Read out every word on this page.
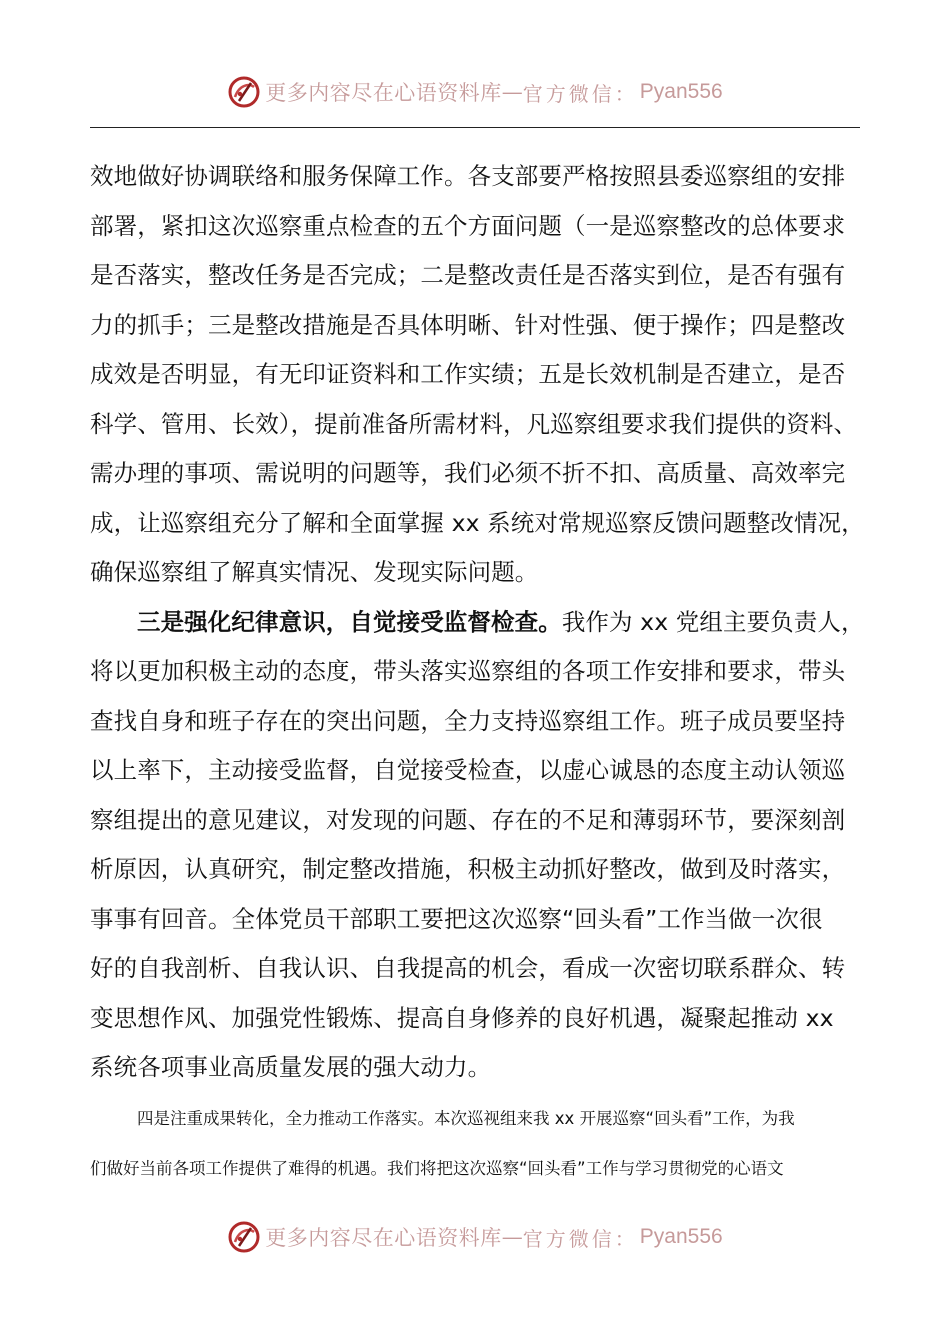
更多内容尽在心语资料库 — 官方微信： Pyan556
效地做好协调联络和服务保障工作。各支部要严格按照县委巡察组的安排
部署，紧扣这次巡察重点检查的五个方面问题（一是巡察整改的总体要求
是否落实，整改任务是否完成；二是整改责任是否落实到位，是否有强有
力的抓手；三是整改措施是否具体明晰、针对性强、便于操作；四是整改
成效是否明显，有无印证资料和工作实绩；五是长效机制是否建立，是否
科学、管用、长效），提前准备所需材料，凡巡察组要求我们提供的资料、
需办理的事项、需说明的问题等，我们必须不折不扣、高质量、高效率完
成，让巡察组充分了解和全面掌握 xx 系统对常规巡察反馈问题整改情况，
确保巡察组了解真实情况、发现实际问题。
三是强化纪律意识，自觉接受监督检查。我作为 xx 党组主要负责人，
将以更加积极主动的态度，带头落实巡察组的各项工作安排和要求，带头
查找自身和班子存在的突出问题，全力支持巡察组工作。班子成员要坚持
以上率下，主动接受监督，自觉接受检查，以虚心诚恳的态度主动认领巡
察组提出的意见建议，对发现的问题、存在的不足和薄弱环节，要深刻剖
析原因，认真研究，制定整改措施，积极主动抓好整改，做到及时落实，
事事有回音。全体党员干部职工要把这次巡察“回头看”工作当做一次很
好的自我剖析、自我认识、自我提高的机会，看成一次密切联系群众、转
变思想作风、加强党性锻炼、提高自身修养的良好机遇，凝聚起推动 xx
系统各项事业高质量发展的强大动力。
四是注重成果转化，全力推动工作落实。本次巡视组来我 xx 开展巡察“回头看”工作，为我
们做好当前各项工作提供了难得的机遇。我们将把这次巡察“回头看”工作与学习贯彻党的心语文
更多内容尽在心语资料库 — 官方微信： Pyan556
